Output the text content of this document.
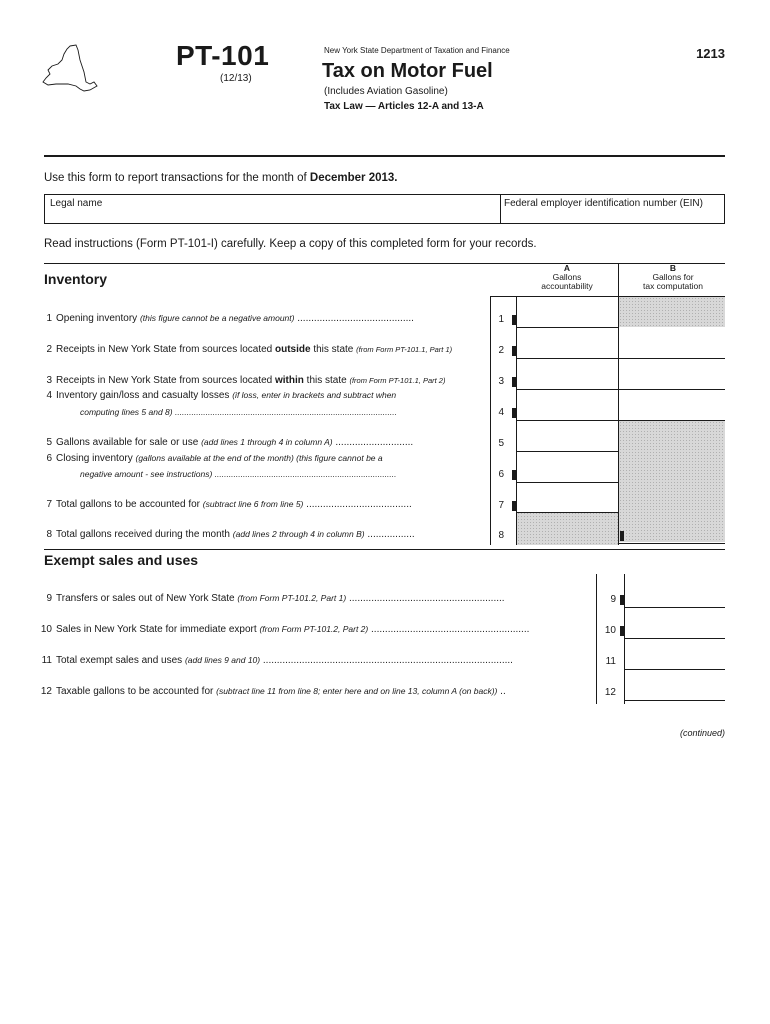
PT-101
(12/13)
New York State Department of Taxation and Finance
Tax on Motor Fuel
(Includes Aviation Gasoline)
Tax Law — Articles 12-A and 13-A
1213
Use this form to report transactions for the month of December 2013.
Legal name	Federal employer identification number (EIN)
Read instructions (Form PT-101-I) carefully. Keep a copy of this completed form for your records.
Inventory
A
Gallons
accountability
B
Gallons for
tax computation
1 Opening inventory (this figure cannot be a negative amount) ..........................................	1
2 Receipts in New York State from sources located outside this state (from Form PT-101.1, Part 1)	2
3 Receipts in New York State from sources located within this state (from Form PT-101.1, Part 2)	3
4 Inventory gain/loss and casualty losses (if loss, enter in brackets and subtract when
computing lines 5 and 8) ..............................................................................................	4
5 Gallons available for sale or use (add lines 1 through 4 in column A) ............................	5
6 Closing inventory (gallons available at the end of the month) (this figure cannot be a
negative amount - see instructions) .............................................................................	6
7 Total gallons to be accounted for (subtract line 6 from line 5) ......................................	7
8 Total gallons received during the month (add lines 2 through 4 in column B) .................	8
Exempt sales and uses
9 Transfers or sales out of New York State (from Form PT-101.2, Part 1) ........................................................	9
10 Sales in New York State for immediate export (from Form PT-101.2, Part 2) .........................................................	10
11 Total exempt sales and uses (add lines 9 and 10) ..........................................................................................	11
12 Taxable gallons to be accounted for (subtract line 11 from line 8; enter here and on line 13, column A (on back)) ..	12
(continued)
